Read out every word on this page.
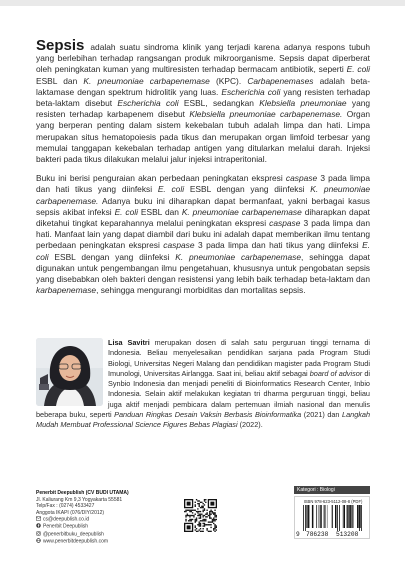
Sepsis adalah suatu sindroma klinik yang terjadi karena adanya respons tubuh yang berlebihan terhadap rangsangan produk mikroorganisme. Sepsis dapat diperberat oleh peningkatan kuman yang multiresisten terhadap bermacam antibiotik, seperti E. coli ESBL dan K. pneumoniae carbapenemase (KPC). Carbapenemases adalah beta-laktamase dengan spektrum hidrolitik yang luas. Escherichia coli yang resisten terhadap beta-laktam disebut Escherichia coli ESBL, sedangkan Klebsiella pneumoniae yang resisten terhadap karbapenem disebut Klebsiella pneumoniae carbapenemase. Organ yang berperan penting dalam sistem kekebalan tubuh adalah limpa dan hati. Limpa merupakan situs hematopoiesis pada tikus dan merupakan organ limfoid terbesar yang memulai tanggapan kekebalan terhadap antigen yang ditularkan melalui darah. Injeksi bakteri pada tikus dilakukan melalui jalur injeksi intraperitonial.

Buku ini berisi penguraian akan perbedaan peningkatan ekspresi caspase 3 pada limpa dan hati tikus yang diinfeksi E. coli ESBL dengan yang diinfeksi K. pneumoniae carbapenemase. Adanya buku ini diharapkan dapat bermanfaat, yakni berbagai kasus sepsis akibat infeksi E. coli ESBL dan K. pneumoniae carbapenemase diharapkan dapat diketahui tingkat keparahannya melalui peningkatan ekspresi caspase 3 pada limpa dan hati. Manfaat lain yang dapat diambil dari buku ini adalah dapat memberikan ilmu tentang perbedaan peningkatan ekspresi caspase 3 pada limpa dan hati tikus yang diinfeksi E. coli ESBL dengan yang diinfeksi K. pneumoniae carbapenemase, sehingga dapat digunakan untuk pengembangan ilmu pengetahuan, khususnya untuk pengobatan sepsis yang disebabkan oleh bakteri dengan resistensi yang lebih baik terhadap beta-laktam dan karbapenemase, sehingga mengurangi morbiditas dan mortalitas sepsis.

Lisa Savitri merupakan dosen di salah satu perguruan tinggi ternama di Indonesia. Beliau menyelesaikan pendidikan sarjana pada Program Studi Biologi, Universitas Negeri Malang dan pendidikan magister pada Program Studi Imunologi, Universitas Airlangga. Saat ini, beliau aktif sebagai board of advisor di Synbio Indonesia dan menjadi peneliti di Bioinformatics Research Center, Inbio Indonesia. Selain aktif melakukan kegiatan tri dharma perguruan tinggi, beliau juga aktif menjadi pembicara dalam pertemuan ilmiah nasional dan menulis beberapa buku, seperti Panduan Ringkas Desain Vaksin Berbasis Bioinformatika (2021) dan Langkah Mudah Membuat Professional Science Figures Bebas Plagiasi (2022).
Penerbit Deepublish (CV BUDI UTAMA)
Jl. Kaliurang Km 9,3 Yogyakarta 55581
Telp/Fax : (0274) 4533427
Anggota IKAPI (076/DIY/2012)
cs@deepublish.co.id
Penerbit Deepublish
@penerbitbuku_deepublish
www.penerbitdeepublish.com
Kategori : Biologi
ISBN 978-623-5112-08-8 (PDF)
9 786238 513208
